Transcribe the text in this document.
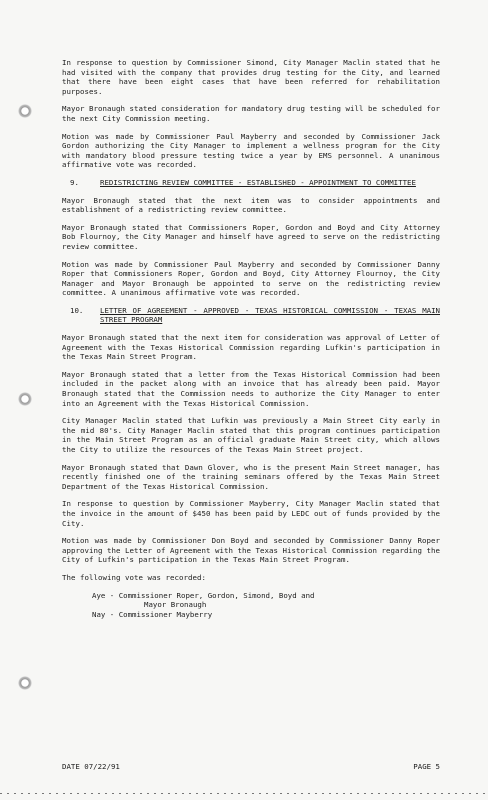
In response to question by Commissioner Simond, City Manager Maclin stated that he had visited with the company that provides drug testing for the City, and learned that there have been eight cases that have been referred for rehabilitation purposes.

Mayor Bronaugh stated consideration for mandatory drug testing will be scheduled for the next City Commission meeting.

Motion was made by Commissioner Paul Mayberry and seconded by Commissioner Jack Gordon authorizing the City Manager to implement a wellness program for the City with mandatory blood pressure testing twice a year by EMS personnel. A unanimous affirmative vote was recorded.

9.	REDISTRICTING REVIEW COMMITTEE - ESTABLISHED - APPOINTMENT TO COMMITTEE

Mayor Bronaugh stated that the next item was to consider appointments and establishment of a redistricting review committee.

Mayor Bronaugh stated that Commissioners Roper, Gordon and Boyd and City Attorney Bob Flournoy, the City Manager and himself have agreed to serve on the redistricting review committee.

Motion was made by Commissioner Paul Mayberry and seconded by Commissioner Danny Roper that Commissioners Roper, Gordon and Boyd, City Attorney Flournoy, the City Manager and Mayor Bronaugh be appointed to serve on the redistricting review committee. A unanimous affirmative vote was recorded.

10.	LETTER OF AGREEMENT - APPROVED - TEXAS HISTORICAL COMMISSION - TEXAS MAIN STREET PROGRAM

Mayor Bronaugh stated that the next item for consideration was approval of Letter of Agreement with the Texas Historical Commission regarding Lufkin's participation in the Texas Main Street Program.

Mayor Bronaugh stated that a letter from the Texas Historical Commission had been included in the packet along with an invoice that has already been paid. Mayor Bronaugh stated that the Commission needs to authorize the City Manager to enter into an Agreement with the Texas Historical Commission.

City Manager Maclin stated that Lufkin was previously a Main Street City early in the mid 80's. City Manager Maclin stated that this program continues participation in the Main Street Program as an official graduate Main Street city, which allows the City to utilize the resources of the Texas Main Street project.

Mayor Bronaugh stated that Dawn Glover, who is the present Main Street manager, has recently finished one of the training seminars offered by the Texas Main Street Department of the Texas Historical Commission.

In response to question by Commissioner Mayberry, City Manager Maclin stated that the invoice in the amount of $450 has been paid by LEDC out of funds provided by the City.

Motion was made by Commissioner Don Boyd and seconded by Commissioner Danny Roper approving the Letter of Agreement with the Texas Historical Commission regarding the City of Lufkin's participation in the Texas Main Street Program.

The following vote was recorded:

Aye - Commissioner Roper, Gordon, Simond, Boyd and
Mayor Bronaugh
Nay - Commissioner Mayberry
DATE 07/22/91	PAGE 5
